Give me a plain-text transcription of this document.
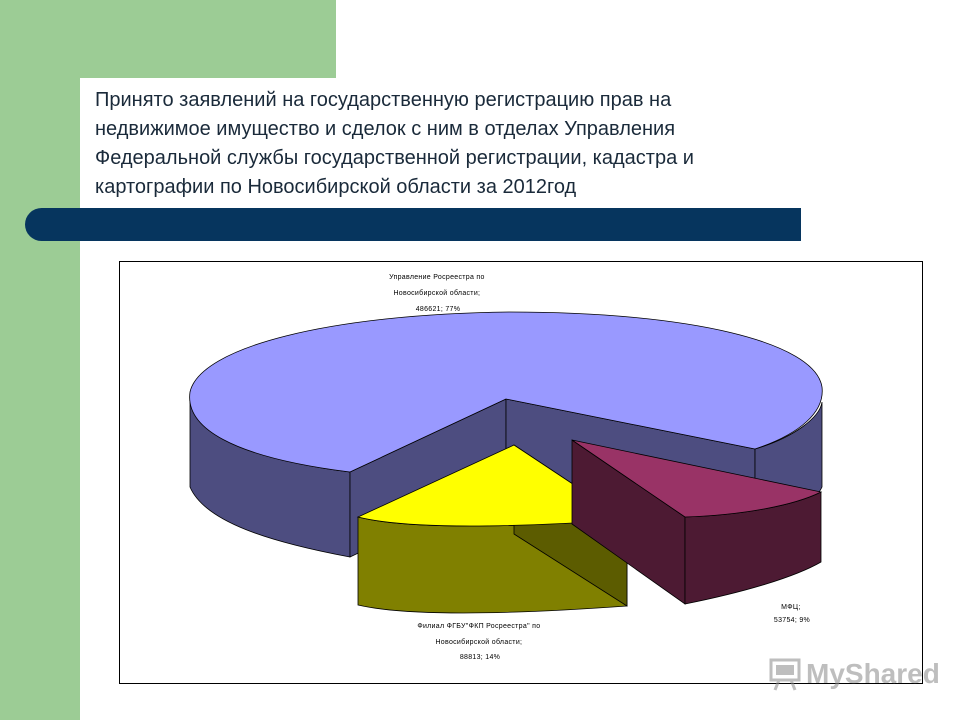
Принято заявлений на государственную регистрацию прав на
недвижимое имущество и сделок с ним в отделах Управления
Федеральной службы государственной регистрации, кадастра и
картографии по Новосибирской области за 2012год
Управление Росреестра по Новосибирской области; 486621; 77%
МФЦ; 53754; 9%
Филиал ФГБУ"ФКП Росреестра" по Новосибирской области; 88813; 14%
MyShared
